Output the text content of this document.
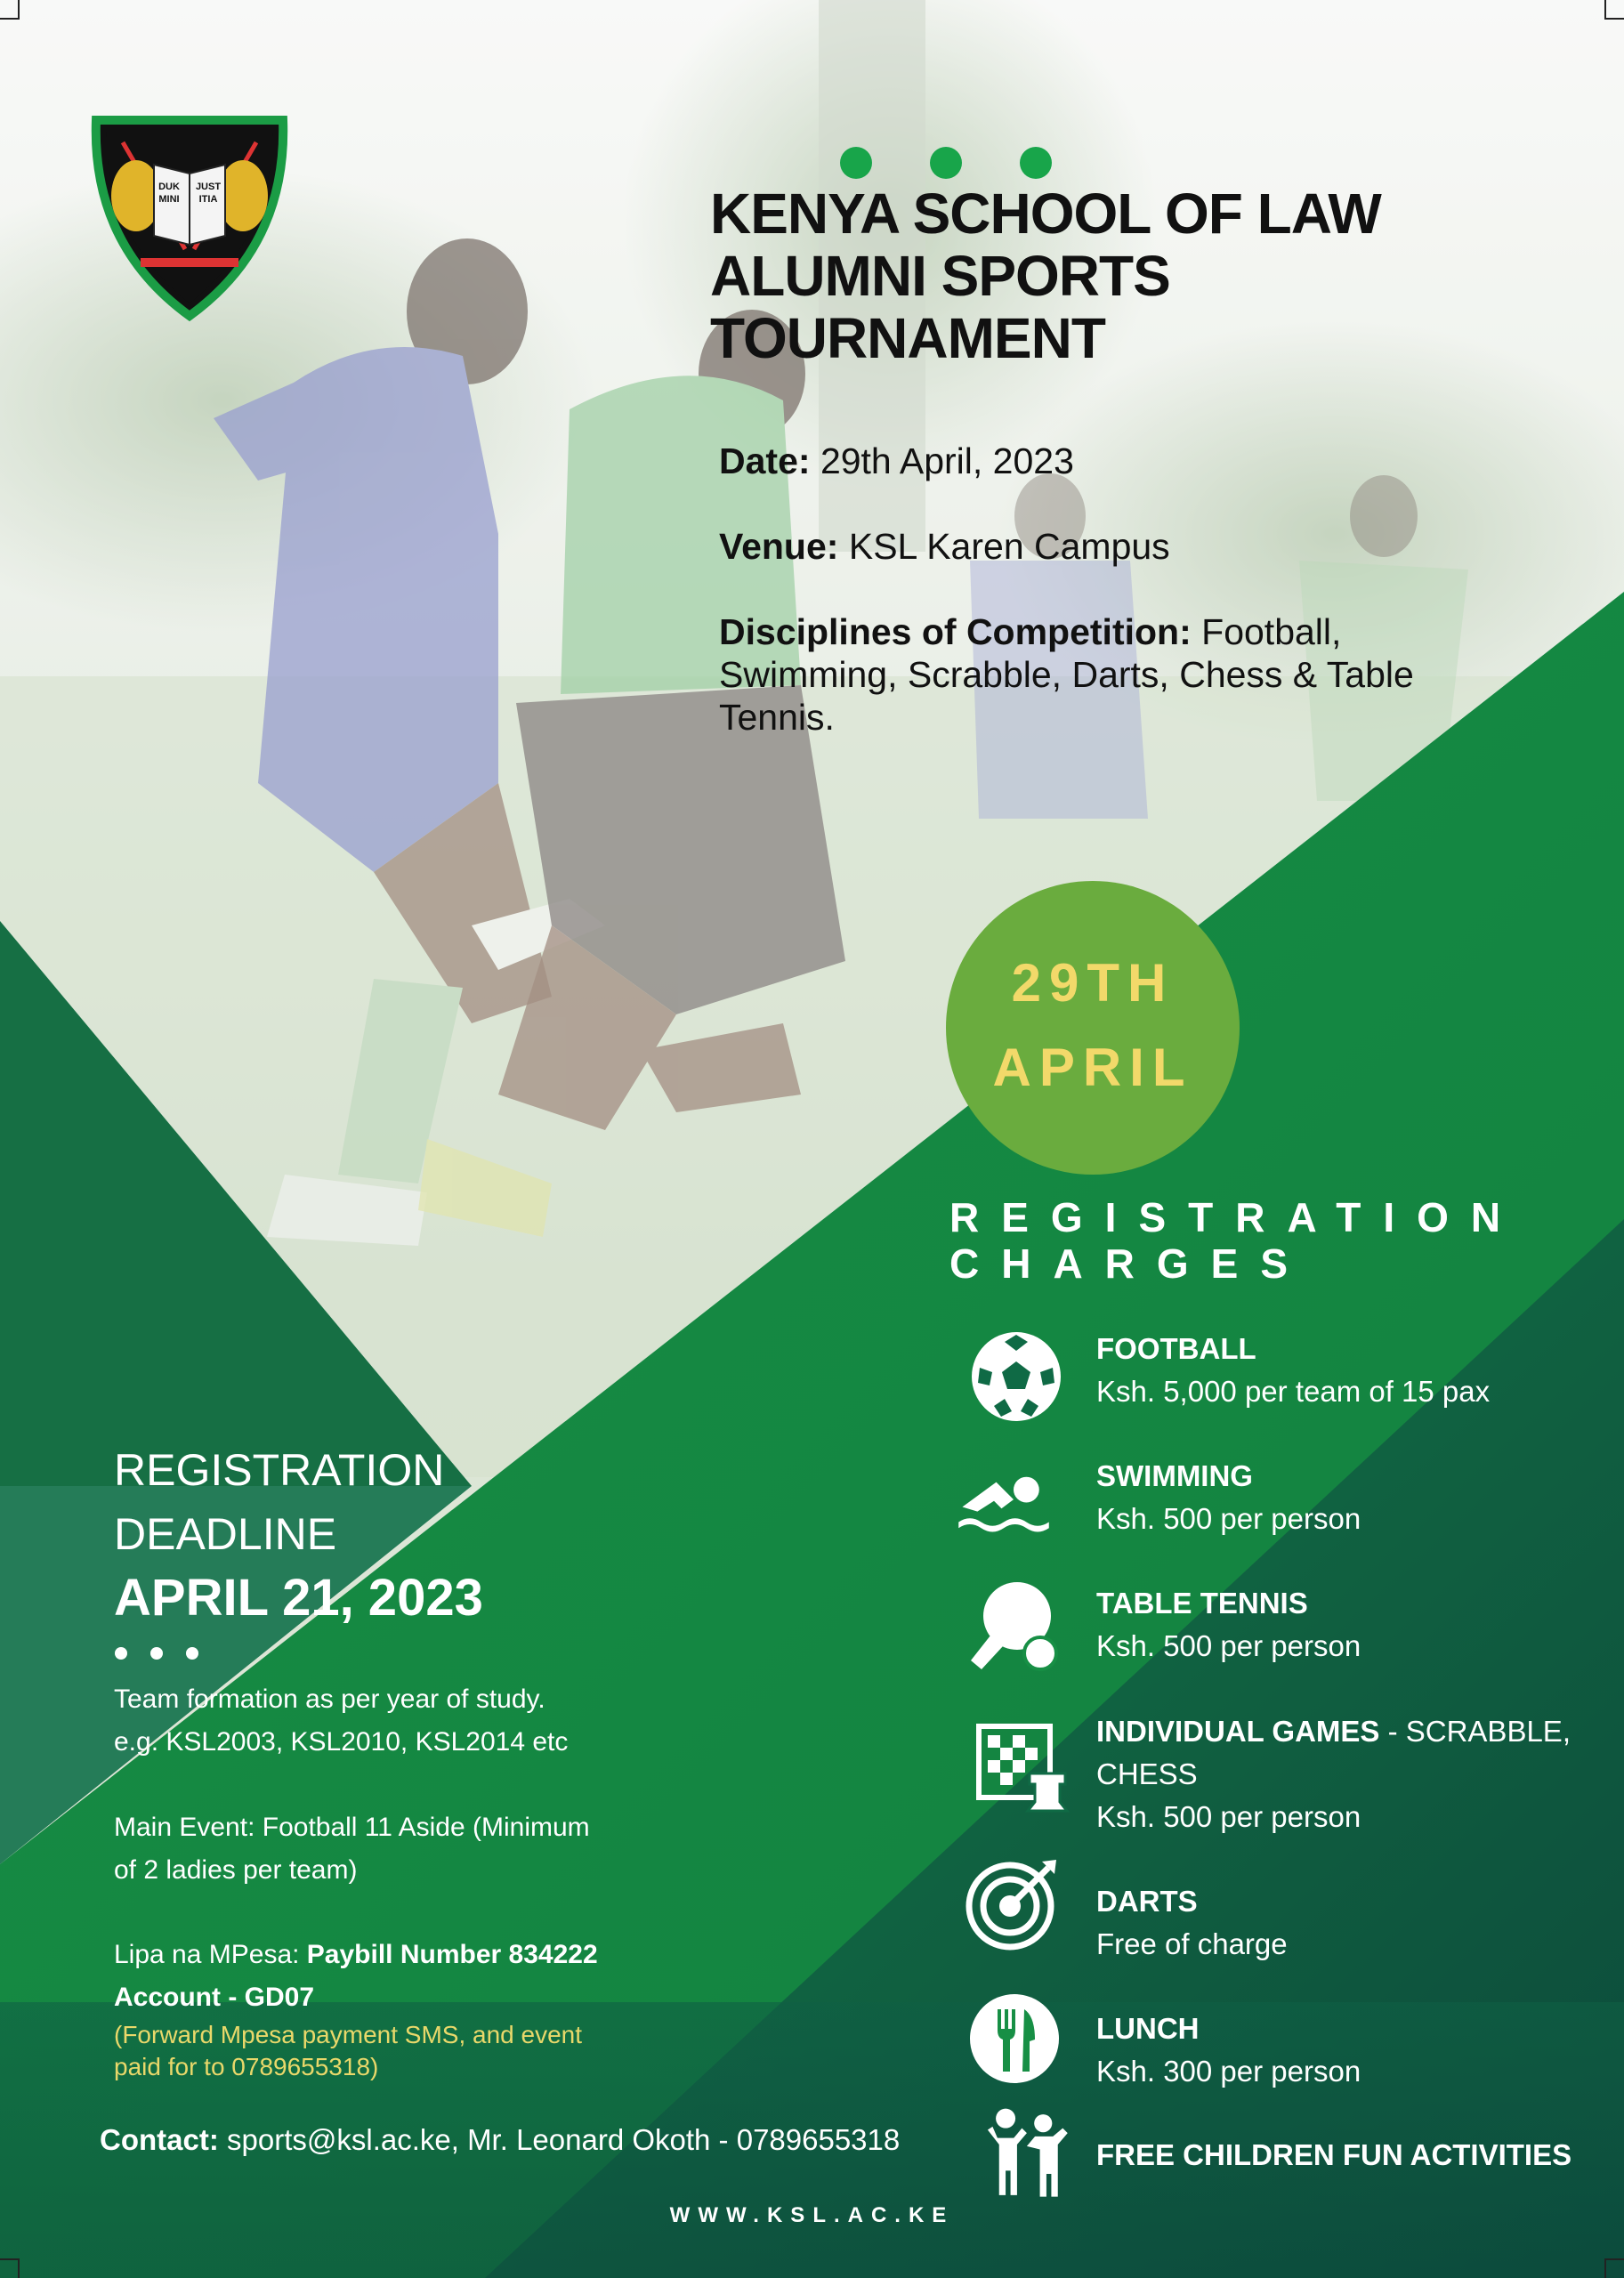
DUK
MINI
JUST
ITIA	KENYA SCHOOL OF LAW
ALUMNI SPORTS
TOURNAMENT
Date: 29th April, 2023
Venue: KSL Karen Campus
Disciplines of Competition: Football, Swimming, Scrabble, Darts, Chess & Table Tennis.
29TH
APRIL
REGISTRATION
CHARGES
FOOTBALL
Ksh. 5,000 per team of 15 pax
SWIMMING
Ksh. 500 per person
TABLE TENNIS
Ksh. 500 per person
INDIVIDUAL GAMES - SCRABBLE,
CHESS
Ksh. 500 per person
DARTS
Free of charge
LUNCH
Ksh. 300 per person
FREE CHILDREN FUN ACTIVITIES
REGISTRATION
DEADLINE
APRIL 21, 2023
Team formation as per year of study.
e.g. KSL2003, KSL2010, KSL2014 etc
Main Event: Football 11 Aside (Minimum
of 2 ladies per team)
Lipa na MPesa: Paybill Number 834222
Account - GD07
(Forward Mpesa payment SMS, and event
paid for to 0789655318)
Contact: sports@ksl.ac.ke, Mr. Leonard Okoth - 0789655318
WWW.KSL.AC.KE
